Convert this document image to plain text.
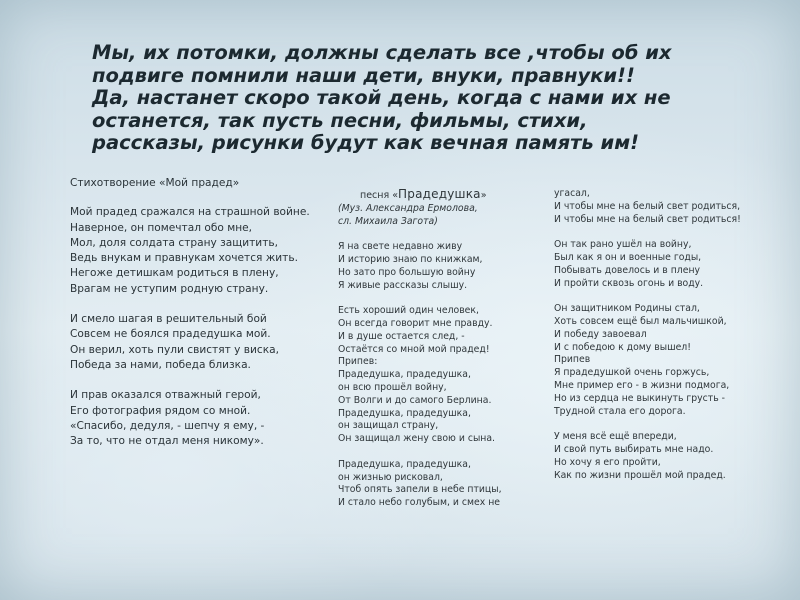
Мы, их потомки, должны сделать все ,чтобы об их
подвиге помнили наши дети, внуки, правнуки!!
Да, настанет скоро такой день, когда с нами их не
останется, так пусть песни, фильмы, стихи,
рассказы, рисунки будут как вечная память им!
Стихотворение «Мой прадед»
Мой прадед сражался на страшной войне.
Наверное, он помечтал обо мне,
Мол, доля солдата страну защитить,
Ведь внукам и правнукам хочется жить.
Негоже детишкам родиться в плену,
Врагам не уступим родную страну.
И смело шагая в решительный бой
Совсем не боялся прадедушка мой.
Он верил, хоть пули свистят у виска,
Победа за нами, победа близка.
И прав оказался отважный герой,
Его фотография рядом со мной.
«Спасибо, дедуля, - шепчу я ему, -
За то, что не отдал меня никому».
песня «Прадедушка»
(Муз. Александра Ермолова,
сл. Михаила Загота)
Я на свете недавно живу
И историю знаю по книжкам,
Но зато про большую войну
Я живые рассказы слышу.
Есть хороший один человек,
Он всегда говорит мне правду.
И в душе остается след, -
Остаётся со мной мой прадед!
Припев:
Прадедушка, прадедушка,
он всю прошёл войну,
От Волги и до самого Берлина.
Прадедушка, прадедушка,
он защищал страну,
Он защищал жену свою и сына.
Прадедушка, прадедушка,
он жизнью рисковал,
Чтоб опять запели в небе птицы,
И стало небо голубым, и смех не
угасал,
И чтобы мне на белый свет родиться,
И чтобы мне на белый свет родиться!
Он так рано ушёл на войну,
Был как я он и военные годы,
Побывать довелось и в плену
И пройти сквозь огонь и воду.
Он защитником Родины стал,
Хоть совсем ещё был мальчишкой,
И победу завоевал
И с победою к дому вышел!
Припев
Я прадедушкой очень горжусь,
Мне пример его - в жизни подмога,
Но из сердца не выкинуть грусть -
Трудной стала его дорога.
У меня всё ещё впереди,
И свой путь выбирать мне надо.
Но хочу я его пройти,
Как по жизни прошёл мой прадед.
